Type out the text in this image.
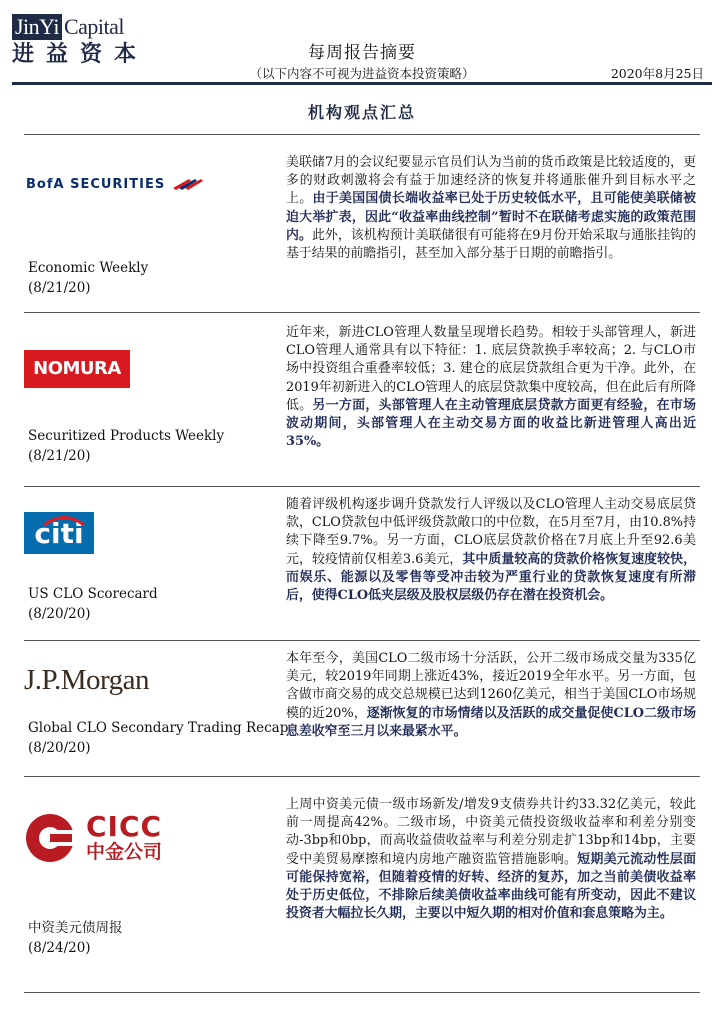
JinYi Capital
进益资本	每周报告摘要
（以下内容不可视为进益资本投资策略）	2020年8月25日
机构观点汇总
BofA SECURITIES
Economic Weekly
(8/21/20)
美联储7月的会议纪要显示官员们认为当前的货币政策是比较适度的，更多的财政刺激将会有益于加速经济的恢复并将通胀催升到目标水平之上。由于美国国债长端收益率已处于历史较低水平，且可能使美联储被迫大举扩表，因此“收益率曲线控制”暂时不在联储考虑实施的政策范围内。此外，该机构预计美联储很有可能将在9月份开始采取与通胀挂钩的基于结果的前瞻指引，甚至加入部分基于日期的前瞻指引。
NOMURA
Securitized Products Weekly
(8/21/20)
近年来，新进CLO管理人数量呈现增长趋势。相较于头部管理人，新进CLO管理人通常具有以下特征：1. 底层贷款换手率较高；2. 与CLO市场中投资组合重叠率较低；3. 建仓的底层贷款组合更为干净。此外，在2019年初新进入的CLO管理人的底层贷款集中度较高，但在此后有所降低。另一方面，头部管理人在主动管理底层贷款方面更有经验，在市场波动期间，头部管理人在主动交易方面的收益比新进管理人高出近35%。
citi
US CLO Scorecard
(8/20/20)
随着评级机构逐步调升贷款发行人评级以及CLO管理人主动交易底层贷款，CLO贷款包中低评级贷款敞口的中位数，在5月至7月，由10.8%持续下降至9.7%。另一方面，CLO底层贷款价格在7月底上升至92.6美元，较疫情前仅相差3.6美元，其中质量较高的贷款价格恢复速度较快，而娱乐、能源以及零售等受冲击较为严重行业的贷款恢复速度有所滞后，使得CLO低夹层级及股权层级仍存在潜在投资机会。
J.P.Morgan
Global CLO Secondary Trading Recap
(8/20/20)
本年至今，美国CLO二级市场十分活跃，公开二级市场成交量为335亿美元，较2019年同期上涨近43%，接近2019全年水平。另一方面，包含做市商交易的成交总规模已达到1260亿美元，相当于美国CLO市场规模的近20%，逐渐恢复的市场情绪以及活跃的成交量促使CLO二级市场息差收窄至三月以来最紧水平。
CICC
中金公司
中资美元债周报
(8/24/20)
上周中资美元债一级市场新发/增发9支债券共计约33.32亿美元，较此前一周提高42%。二级市场，中资美元债投资级收益率和利差分别变动-3bp和0bp，而高收益债收益率与利差分别走扩13bp和14bp，主要受中美贸易摩擦和境内房地产融资监管措施影响。短期美元流动性层面可能保持宽裕，但随着疫情的好转、经济的复苏，加之当前美债收益率处于历史低位，不排除后续美债收益率曲线可能有所变动，因此不建议投资者大幅拉长久期，主要以中短久期的相对价值和套息策略为主。
